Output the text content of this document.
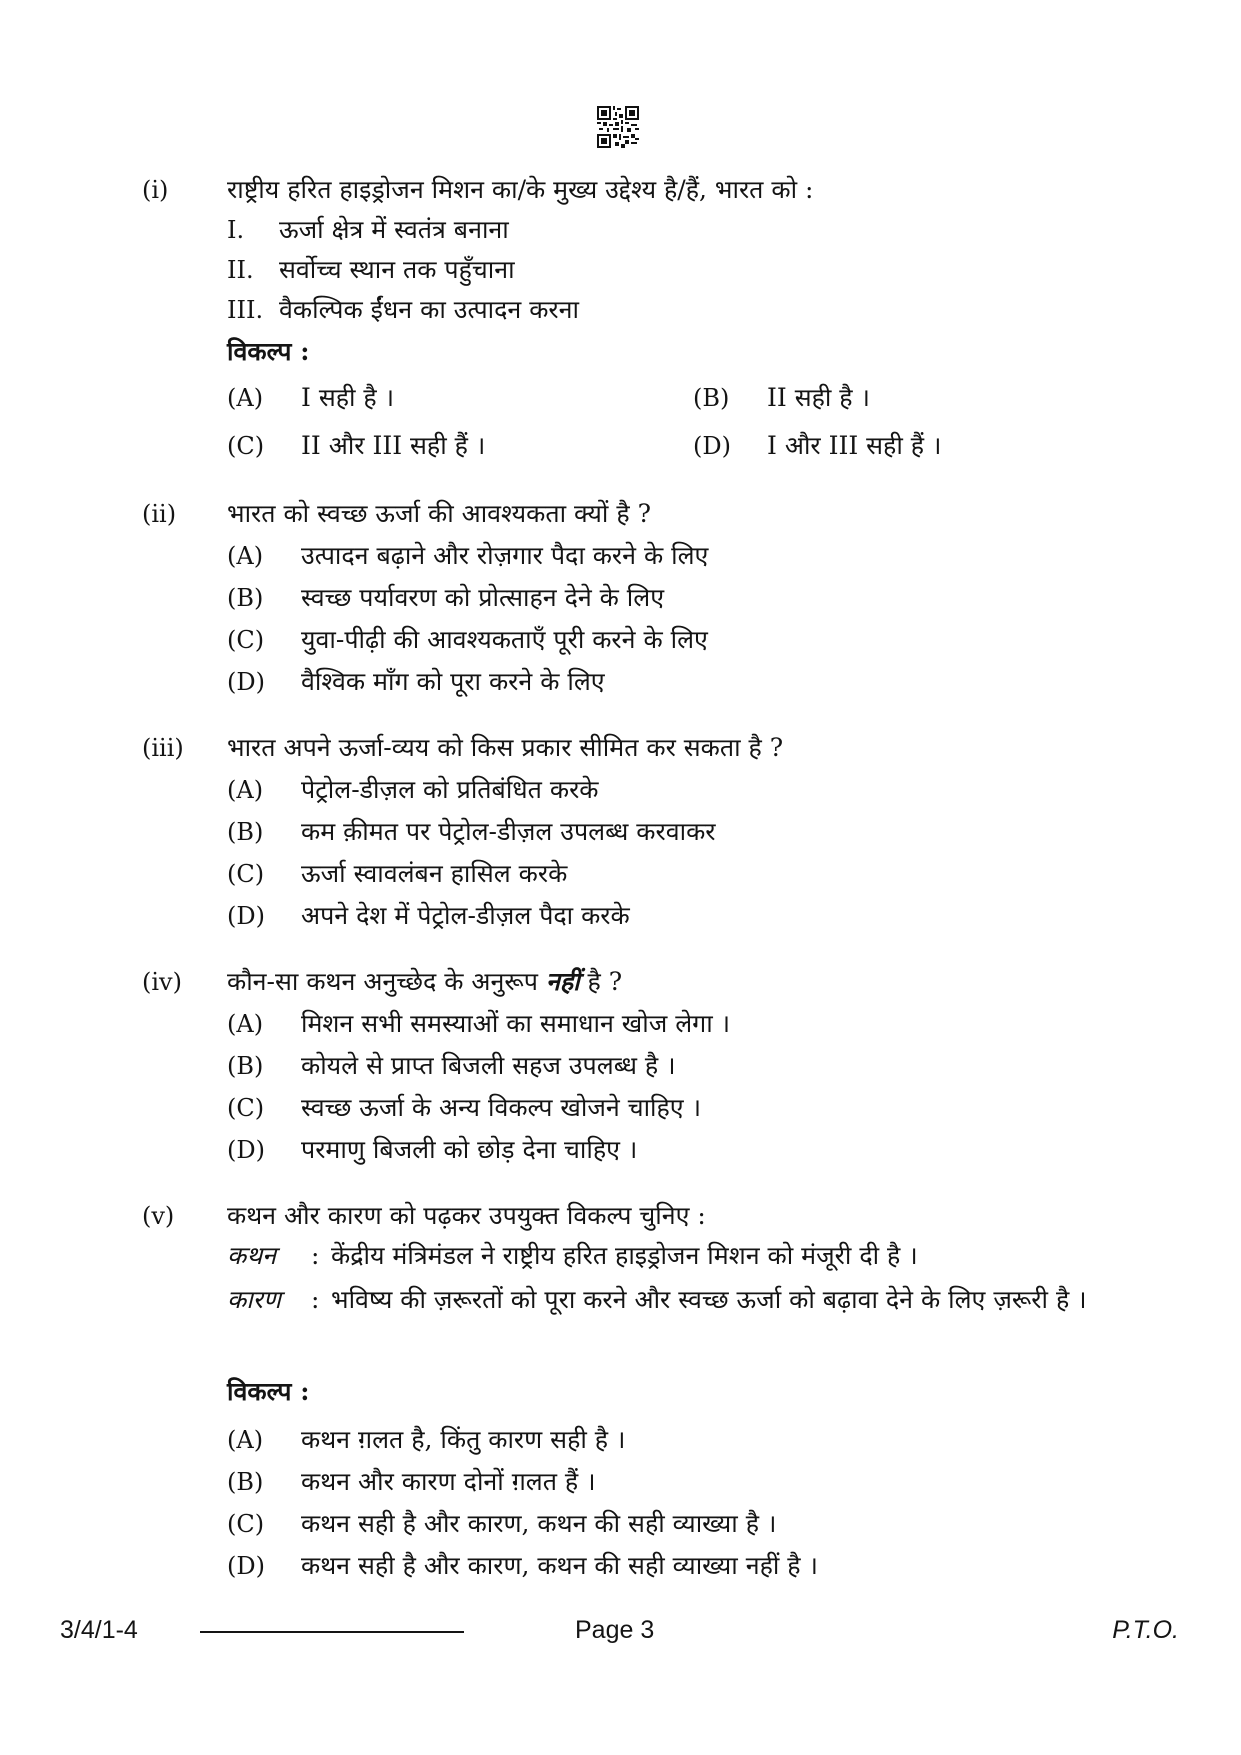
(i) राष्ट्रीय हरित हाइड्रोजन मिशन का/के मुख्य उद्देश्य है/हैं, भारत को :
I. ऊर्जा क्षेत्र में स्वतंत्र बनाना
II. सर्वोच्च स्थान तक पहुँचाना
III. वैकल्पिक ईंधन का उत्पादन करना
विकल्प :
(A) I सही है ।	(B) II सही है ।
(C) II और III सही हैं ।	(D) I और III सही हैं ।
(ii) भारत को स्वच्छ ऊर्जा की आवश्यकता क्यों है ?
(A) उत्पादन बढ़ाने और रोज़गार पैदा करने के लिए
(B) स्वच्छ पर्यावरण को प्रोत्साहन देने के लिए
(C) युवा-पीढ़ी की आवश्यकताएँ पूरी करने के लिए
(D) वैश्विक माँग को पूरा करने के लिए
(iii) भारत अपने ऊर्जा-व्यय को किस प्रकार सीमित कर सकता है ?
(A) पेट्रोल-डीज़ल को प्रतिबंधित करके
(B) कम क़ीमत पर पेट्रोल-डीज़ल उपलब्ध करवाकर
(C) ऊर्जा स्वावलंबन हासिल करके
(D) अपने देश में पेट्रोल-डीज़ल पैदा करके
(iv) कौन-सा कथन अनुच्छेद के अनुरूप नहीं है ?
(A) मिशन सभी समस्याओं का समाधान खोज लेगा ।
(B) कोयले से प्राप्त बिजली सहज उपलब्ध है ।
(C) स्वच्छ ऊर्जा के अन्य विकल्प खोजने चाहिए ।
(D) परमाणु बिजली को छोड़ देना चाहिए ।
(v) कथन और कारण को पढ़कर उपयुक्त विकल्प चुनिए :
कथन : केंद्रीय मंत्रिमंडल ने राष्ट्रीय हरित हाइड्रोजन मिशन को मंजूरी दी है ।
कारण : भविष्य की ज़रूरतों को पूरा करने और स्वच्छ ऊर्जा को बढ़ावा देने के लिए ज़रूरी है ।
विकल्प :
(A) कथन ग़लत है, किंतु कारण सही है ।
(B) कथन और कारण दोनों ग़लत हैं ।
(C) कथन सही है और कारण, कथन की सही व्याख्या है ।
(D) कथन सही है और कारण, कथन की सही व्याख्या नहीं है ।
3/4/1-4	Page 3	P.T.O.
